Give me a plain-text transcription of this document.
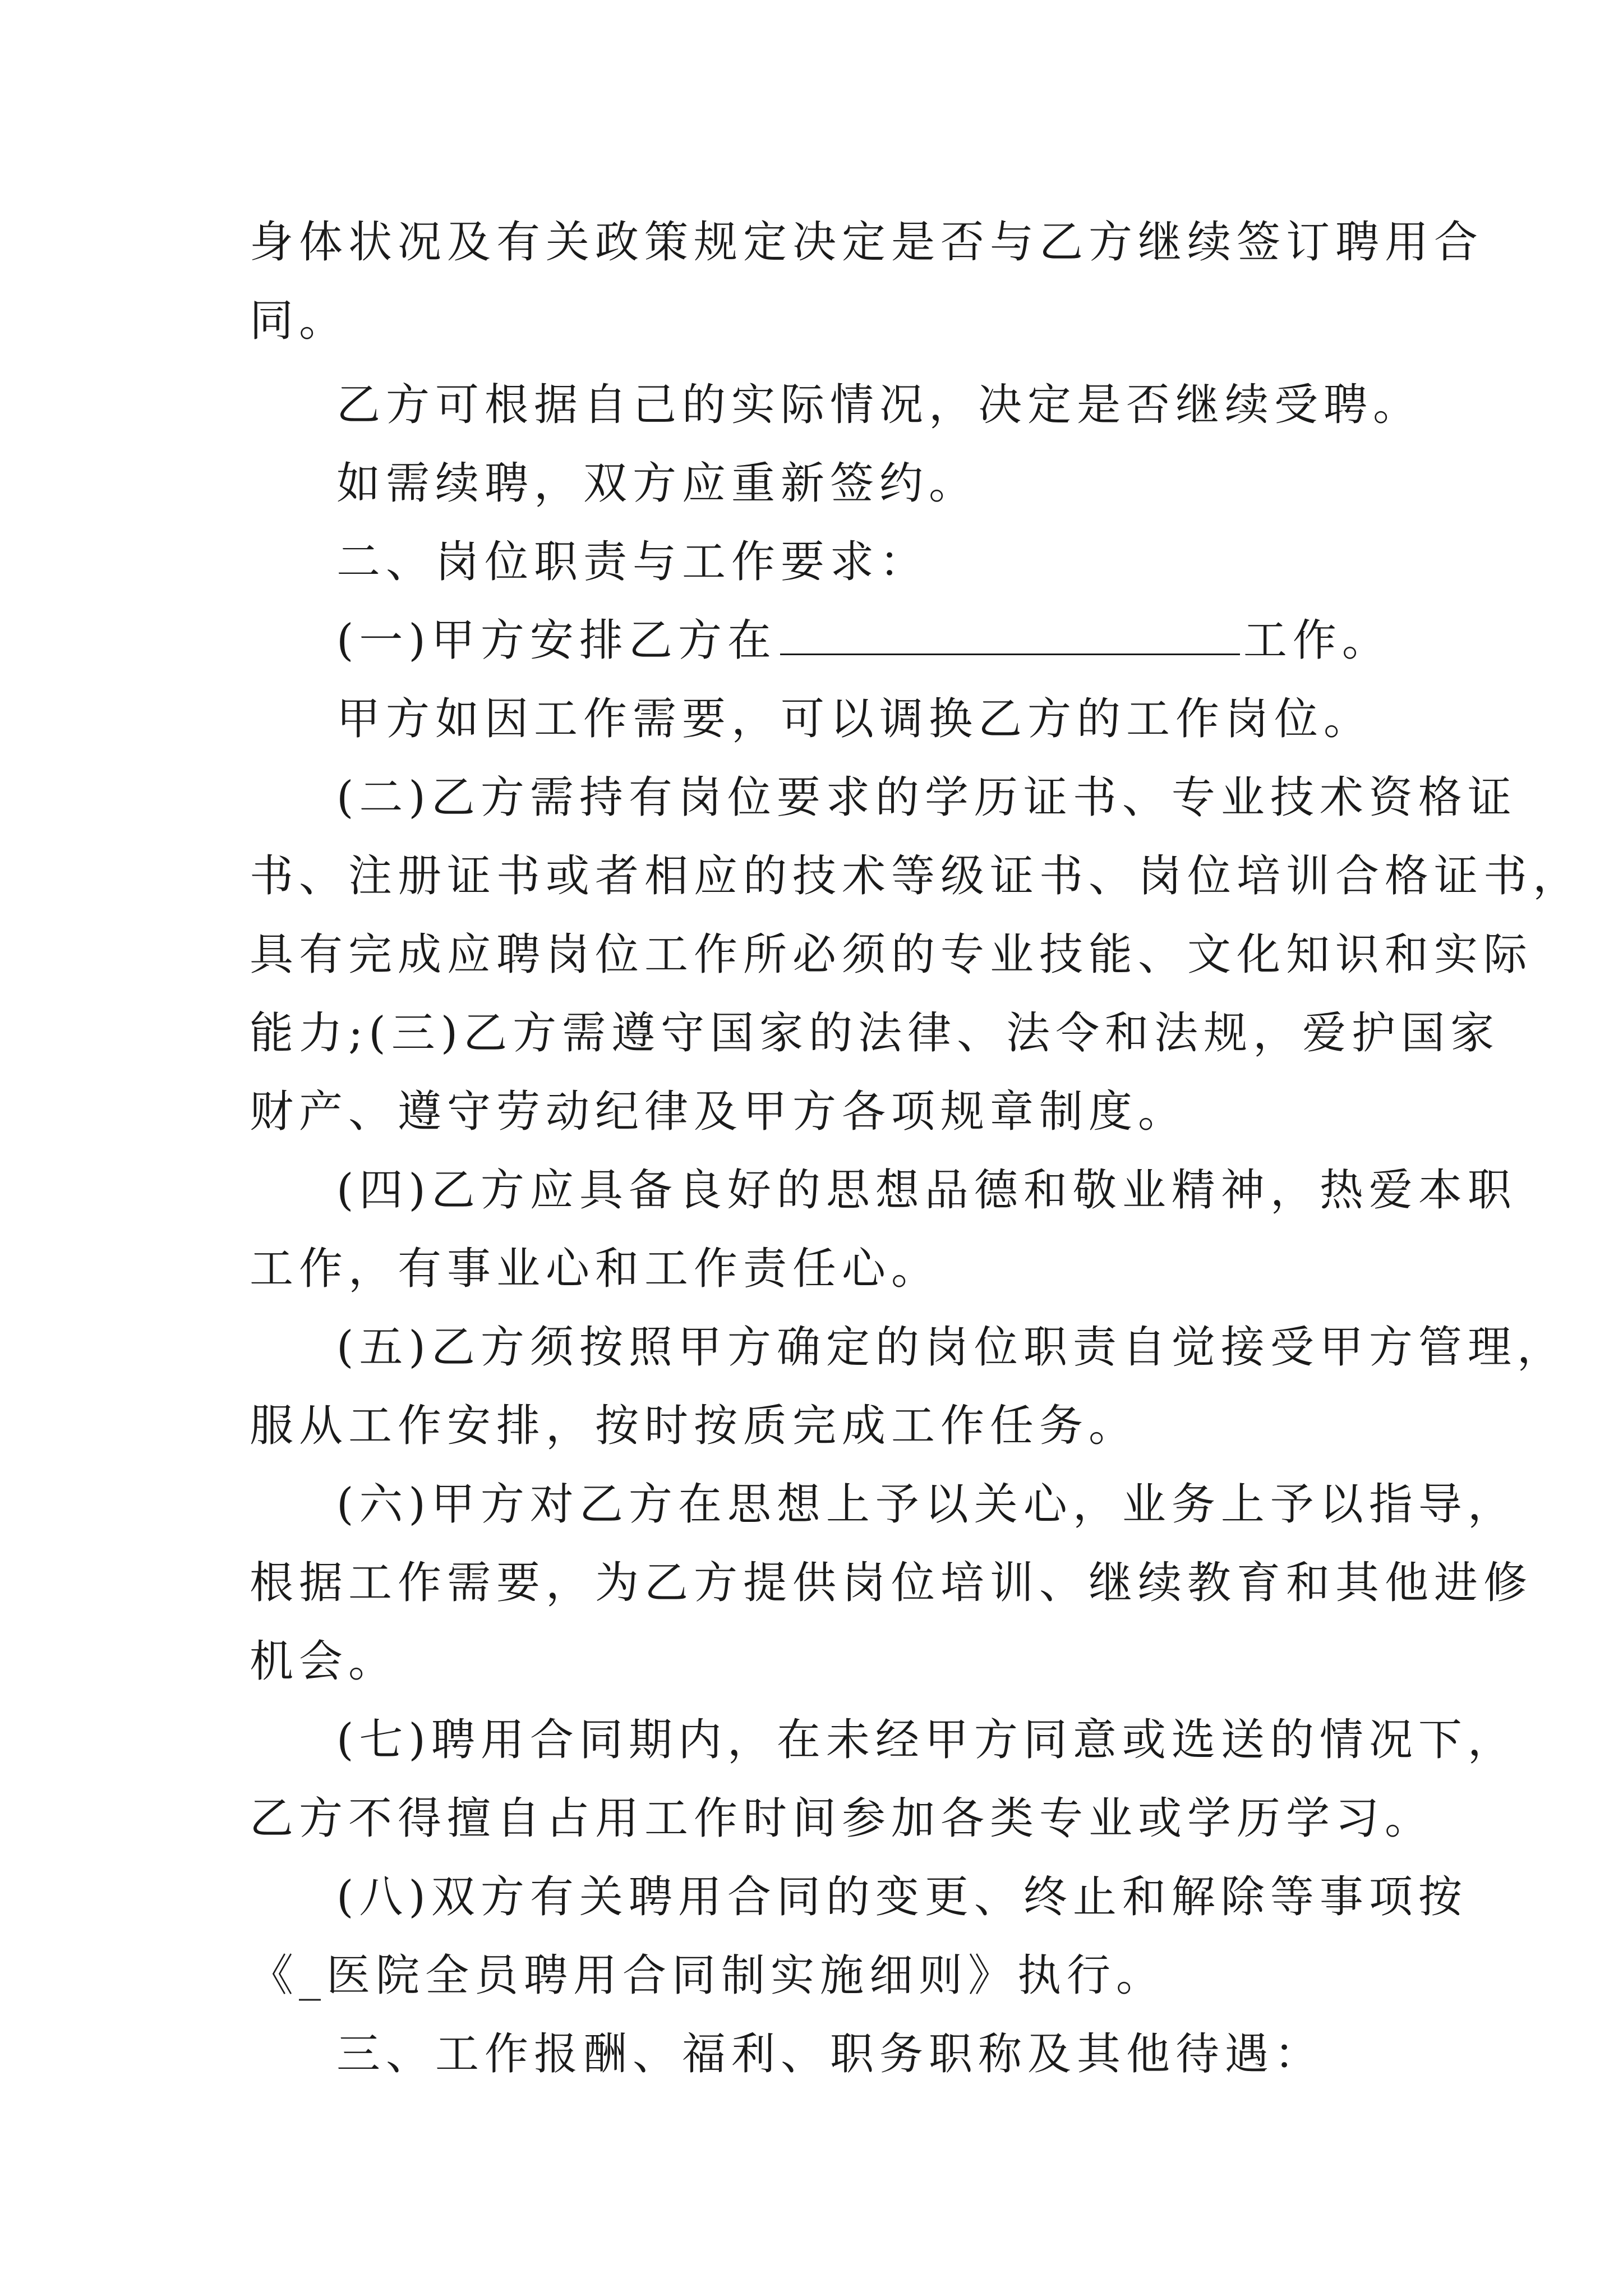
身体状况及有关政策规定决定是否与乙方继续签订聘用合
同。
乙方可根据自己的实际情况，决定是否继续受聘。
如需续聘，双方应重新签约。
二、岗位职责与工作要求：
(一)甲方安排乙方在	工作。
甲方如因工作需要，可以调换乙方的工作岗位。
(二)乙方需持有岗位要求的学历证书、专业技术资格证
书、注册证书或者相应的技术等级证书、岗位培训合格证书，
具有完成应聘岗位工作所必须的专业技能、文化知识和实际
能力;(三)乙方需遵守国家的法律、法令和法规，爱护国家
财产、遵守劳动纪律及甲方各项规章制度。
(四)乙方应具备良好的思想品德和敬业精神，热爱本职
工作，有事业心和工作责任心。
(五)乙方须按照甲方确定的岗位职责自觉接受甲方管理，
服从工作安排，按时按质完成工作任务。
(六)甲方对乙方在思想上予以关心，业务上予以指导，
根据工作需要，为乙方提供岗位培训、继续教育和其他进修
机会。
(七)聘用合同期内，在未经甲方同意或选送的情况下，
乙方不得擅自占用工作时间参加各类专业或学历学习。
(八)双方有关聘用合同的变更、终止和解除等事项按
《_医院全员聘用合同制实施细则》执行。
三、工作报酬、福利、职务职称及其他待遇：
